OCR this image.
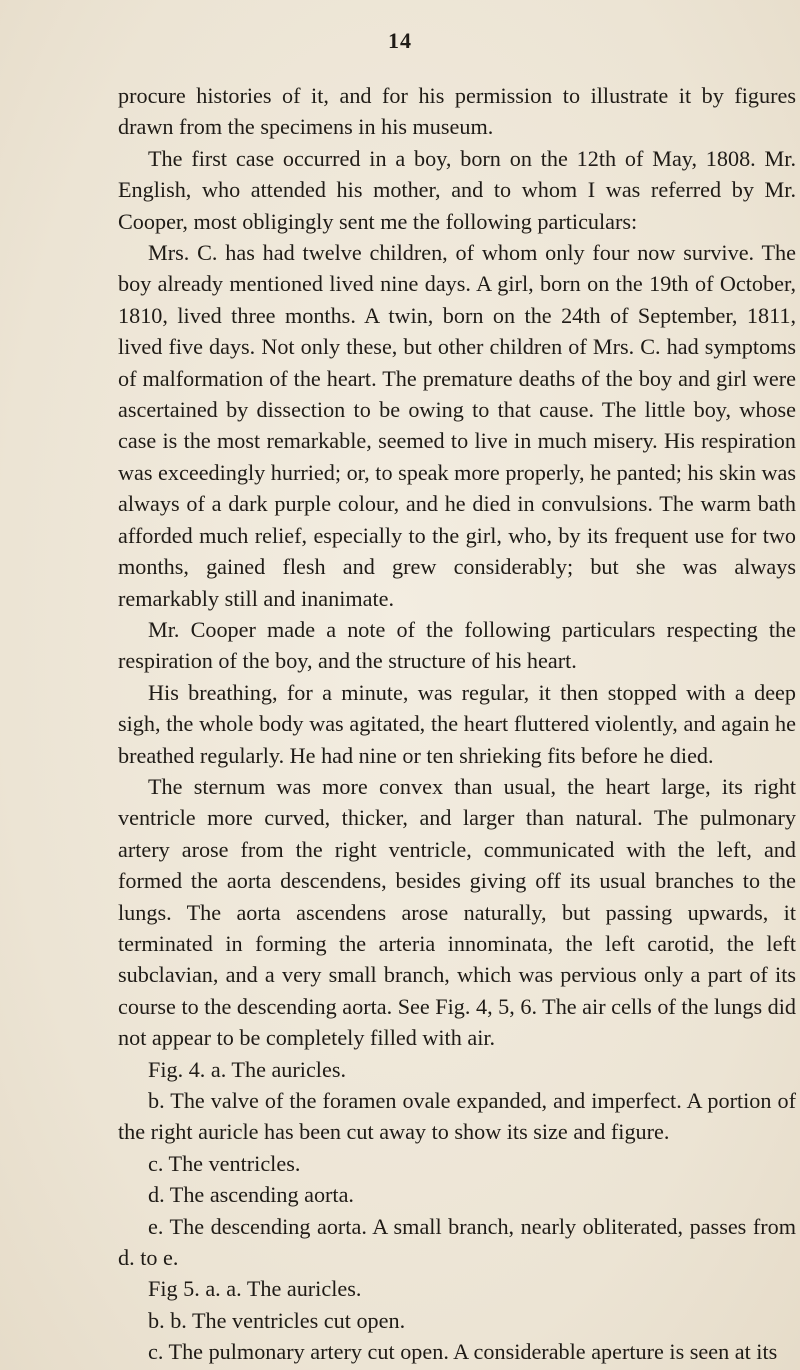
14

procure histories of it, and for his permission to illustrate it by figures drawn from the specimens in his museum.

The first case occurred in a boy, born on the 12th of May, 1808. Mr. English, who attended his mother, and to whom I was referred by Mr. Cooper, most obligingly sent me the following particulars:

Mrs. C. has had twelve children, of whom only four now survive. The boy already mentioned lived nine days. A girl, born on the 19th of October, 1810, lived three months. A twin, born on the 24th of September, 1811, lived five days. Not only these, but other children of Mrs. C. had symptoms of malformation of the heart. The premature deaths of the boy and girl were ascertained by dissection to be owing to that cause. The little boy, whose case is the most remarkable, seemed to live in much misery. His respiration was exceedingly hurried; or, to speak more properly, he panted; his skin was always of a dark purple colour, and he died in convulsions. The warm bath afforded much relief, especially to the girl, who, by its frequent use for two months, gained flesh and grew considerably; but she was always remarkably still and inanimate.

Mr. Cooper made a note of the following particulars respecting the respiration of the boy, and the structure of his heart.

His breathing, for a minute, was regular, it then stopped with a deep sigh, the whole body was agitated, the heart fluttered violently, and again he breathed regularly. He had nine or ten shrieking fits before he died.

The sternum was more convex than usual, the heart large, its right ventricle more curved, thicker, and larger than natural. The pulmonary artery arose from the right ventricle, communicated with the left, and formed the aorta descendens, besides giving off its usual branches to the lungs. The aorta ascendens arose naturally, but passing upwards, it terminated in forming the arteria innominata, the left carotid, the left subclavian, and a very small branch, which was pervious only a part of its course to the descending aorta. See Fig. 4, 5, 6. The air cells of the lungs did not appear to be completely filled with air.

Fig. 4. a. The auricles.

b. The valve of the foramen ovale expanded, and imperfect. A portion of the right auricle has been cut away to show its size and figure.

c. The ventricles.

d. The ascending aorta.

e. The descending aorta. A small branch, nearly obliterated, passes from d. to e.

Fig 5. a. a. The auricles.

b. b. The ventricles cut open.

c. The pulmonary artery cut open. A considerable aperture is seen at its
